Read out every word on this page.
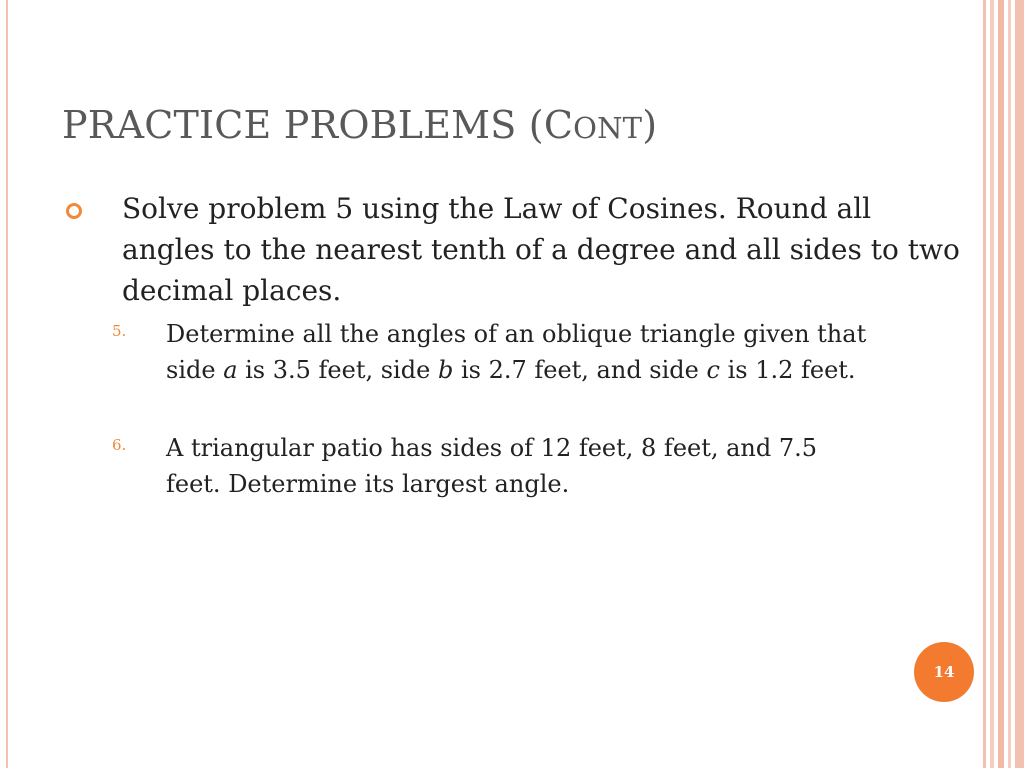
PRACTICE PROBLEMS (CONT)
Solve problem 5 using the Law of Cosines. Round all angles to the nearest tenth of a degree and all sides to two decimal places.
5. Determine all the angles of an oblique triangle given that side a is 3.5 feet, side b is 2.7 feet, and side c is 1.2 feet.
6. A triangular patio has sides of 12 feet, 8 feet, and 7.5 feet. Determine its largest angle.
14
